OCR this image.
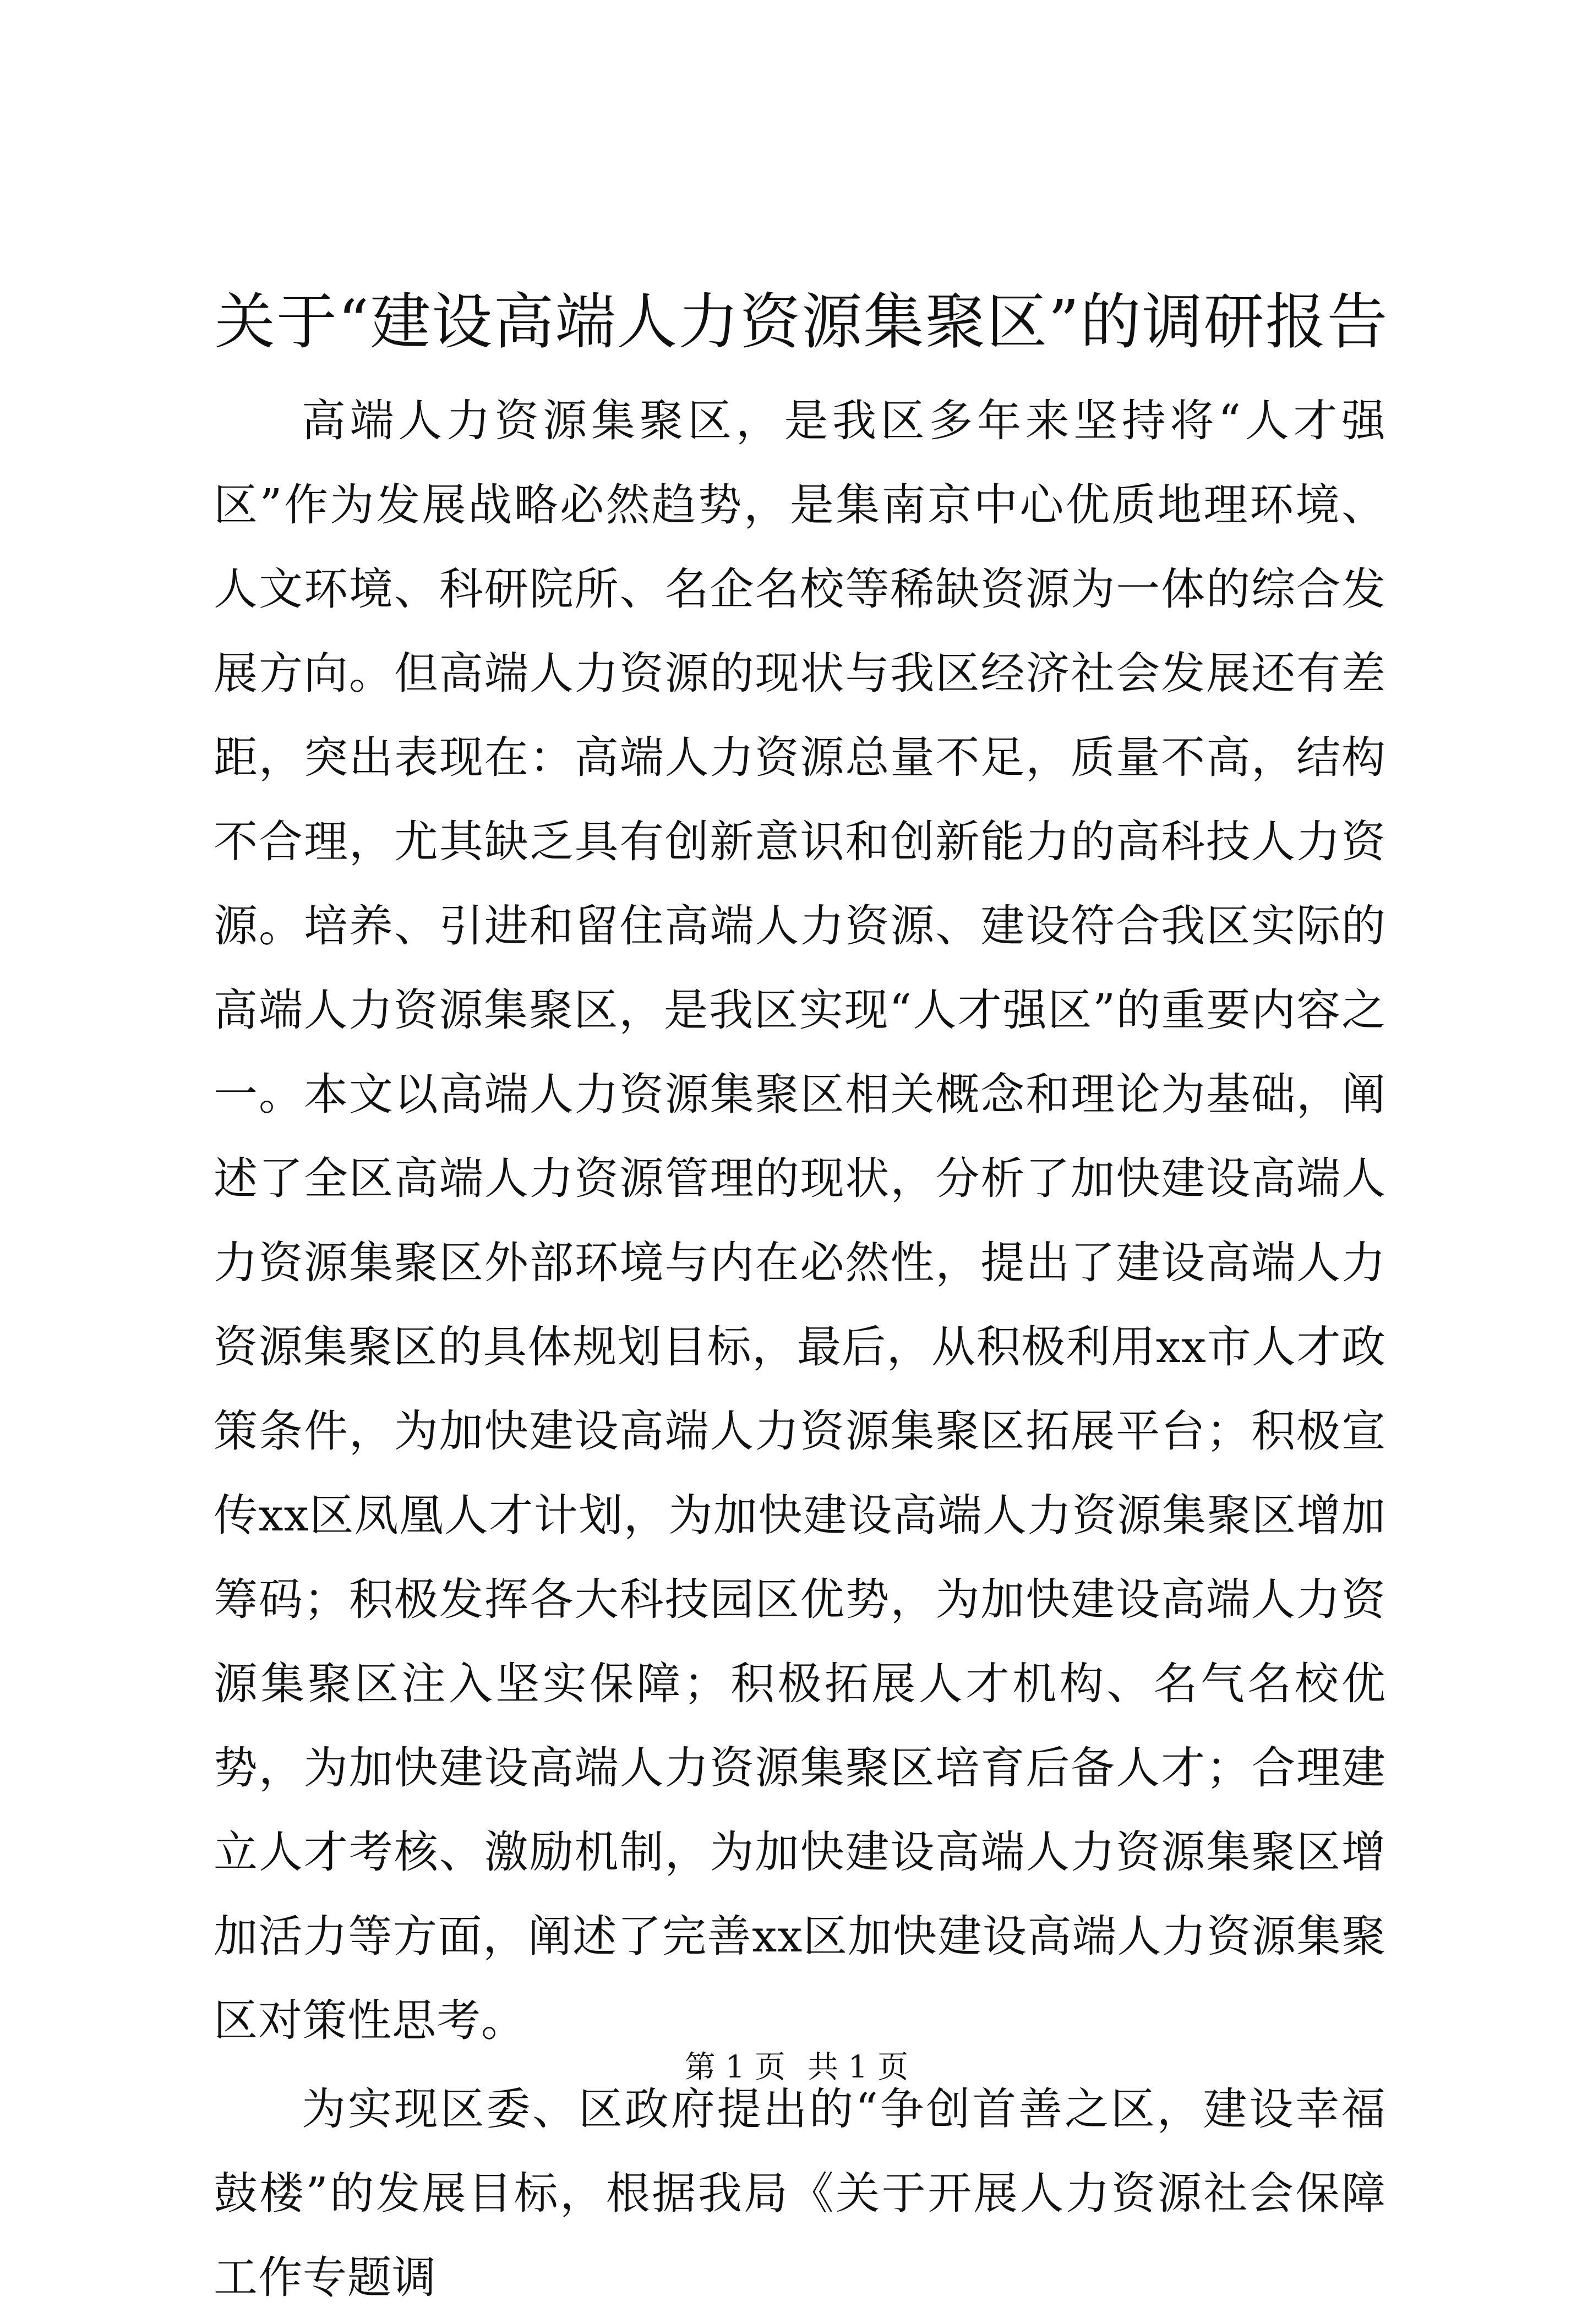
关于“建设高端人力资源集聚区”的调研报告

高端人力资源集聚区，是我区多年来坚持将“人才强区”作为发展战略必然趋势，是集南京中心优质地理环境、人文环境、科研院所、名企名校等稀缺资源为一体的综合发展方向。但高端人力资源的现状与我区经济社会发展还有差距，突出表现在：高端人力资源总量不足，质量不高，结构不合理，尤其缺乏具有创新意识和创新能力的高科技人力资源。培养、引进和留住高端人力资源、建设符合我区实际的高端人力资源集聚区，是我区实现“人才强区”的重要内容之一。本文以高端人力资源集聚区相关概念和理论为基础，阐述了全区高端人力资源管理的现状，分析了加快建设高端人力资源集聚区外部环境与内在必然性，提出了建设高端人力资源集聚区的具体规划目标，最后，从积极利用xx市人才政策条件，为加快建设高端人力资源集聚区拓展平台；积极宣传xx区凤凰人才计划，为加快建设高端人力资源集聚区增加筹码；积极发挥各大科技园区优势，为加快建设高端人力资源集聚区注入坚实保障；积极拓展人才机构、名气名校优势，为加快建设高端人力资源集聚区培育后备人才；合理建立人才考核、激励机制，为加快建设高端人力资源集聚区增加活力等方面，阐述了完善xx区加快建设高端人力资源集聚区对策性思考。

为实现区委、区政府提出的“争创首善之区，建设幸福鼓楼”的发展目标，根据我局《关于开展人力资源社会保障工作专题调

第 1 页 共 1 页
